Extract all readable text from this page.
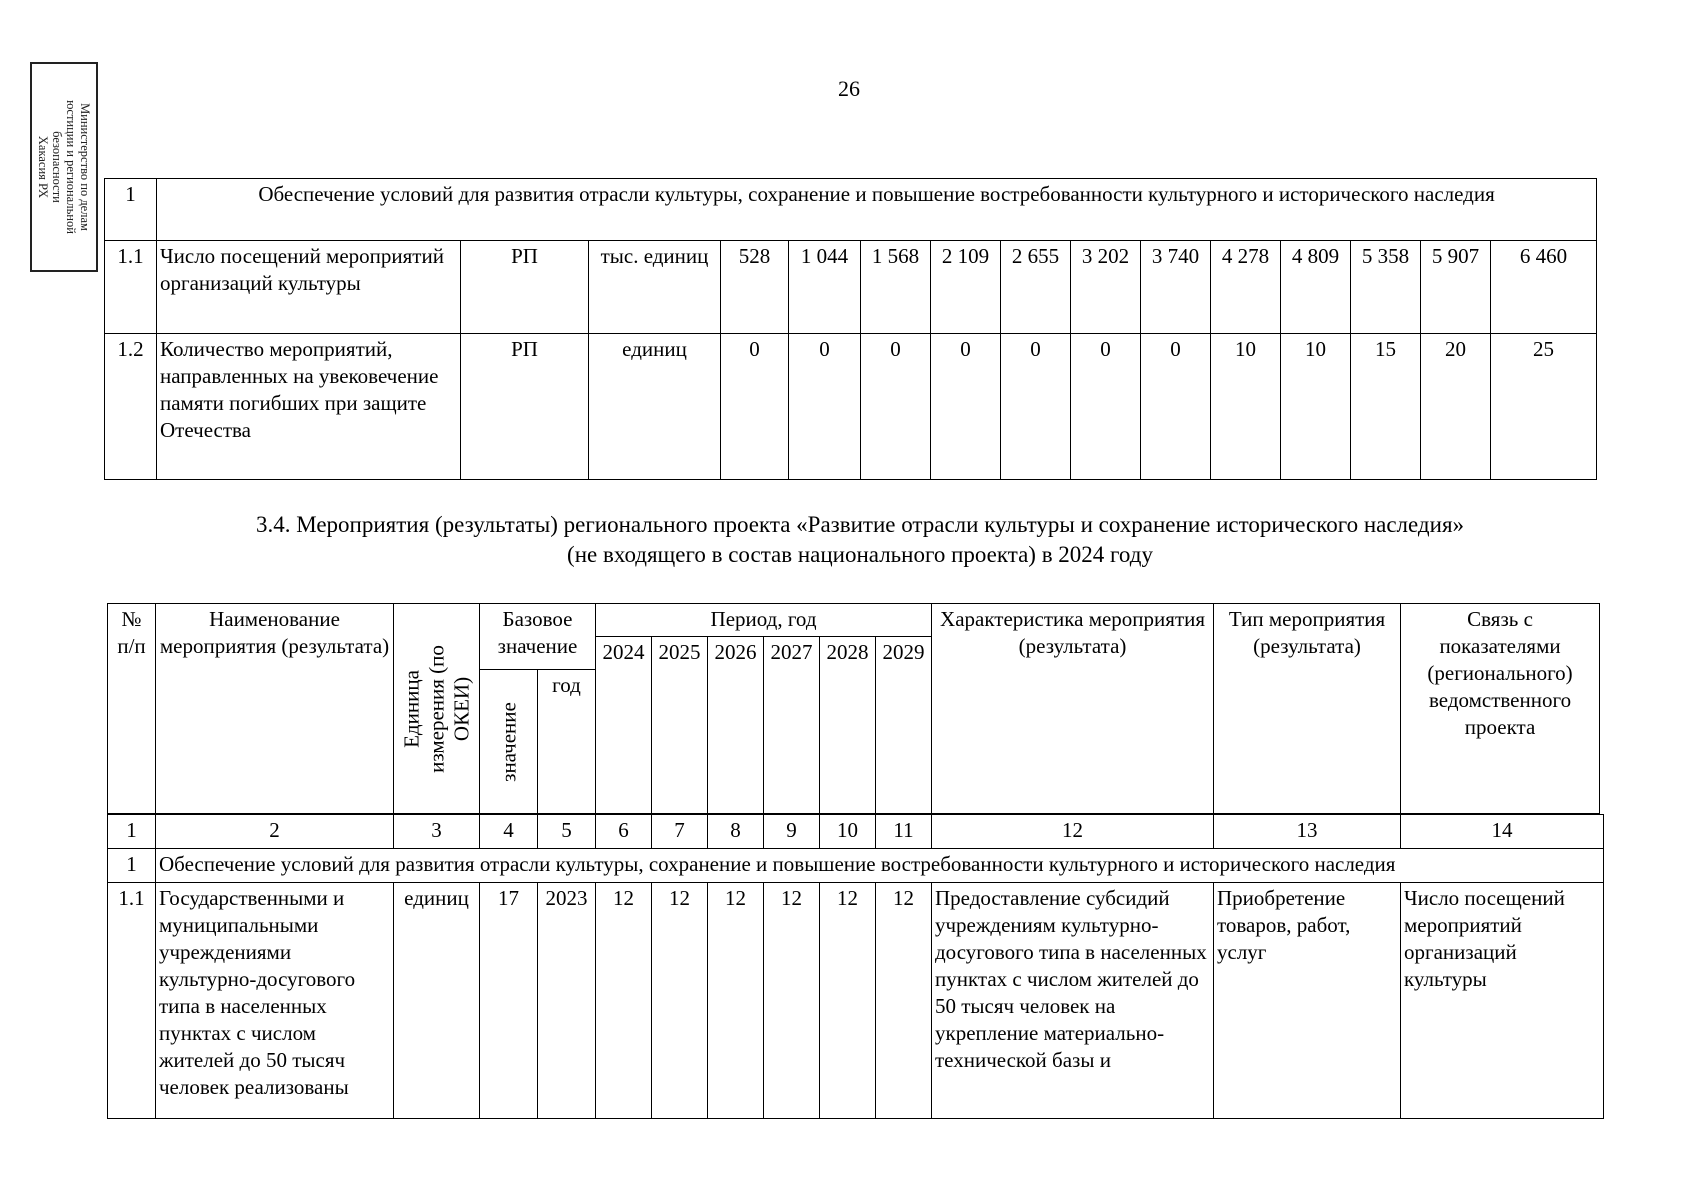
Министерство по делам
юстиции и региональной
безопасности
Хакасия РХ
26
1	Обеспечение условий для развития отрасли культуры, сохранение и повышение востребованности культурного и исторического наследия														
1.1	Число посещений мероприятий организаций культуры	РП	тыс. единиц	528	1 044	1 568	2 109	2 655	3 202	3 740	4 278	4 809	5 358	5 907	6 460
1.2	Количество мероприятий, направленных на увековечение памяти погибших при защите Отечества	РП	единиц	0	0	0	0	0	0	0	10	10	15	20	25
3.4. Мероприятия (результаты) регионального проекта «Развитие отрасли культуры и сохранение исторического наследия»
(не входящего в состав национального проекта) в 2024 году
№ п/п	Наименование мероприятия (результата)	Единица измерения (по ОКЕИ)	Базовое значение		Период, год						Характеристика мероприятия (результата)	Тип мероприятия (результата)	Связь с показателями (регионального) ведомственного проекта
					2024	2025	2026	2027	2028	2029			

			значение	год									
1	2	3	4	5	6	7	8	9	10	11	12	13	14
1	Обеспечение условий для развития отрасли культуры, сохранение и повышение востребованности культурного и исторического наследия												
1.1	Государственными и муниципальными учреждениями культурно-досугового типа в населенных пунктах с числом жителей до 50 тысяч человек реализованы	единиц	17	2023	12	12	12	12	12	12	Предоставление субсидий учреждениям культурно-досугового типа в населенных пунктах с числом жителей до 50 тысяч человек на укрепление материально-технической базы и	Приобретение товаров, работ, услуг	Число посещений мероприятий организаций культуры
